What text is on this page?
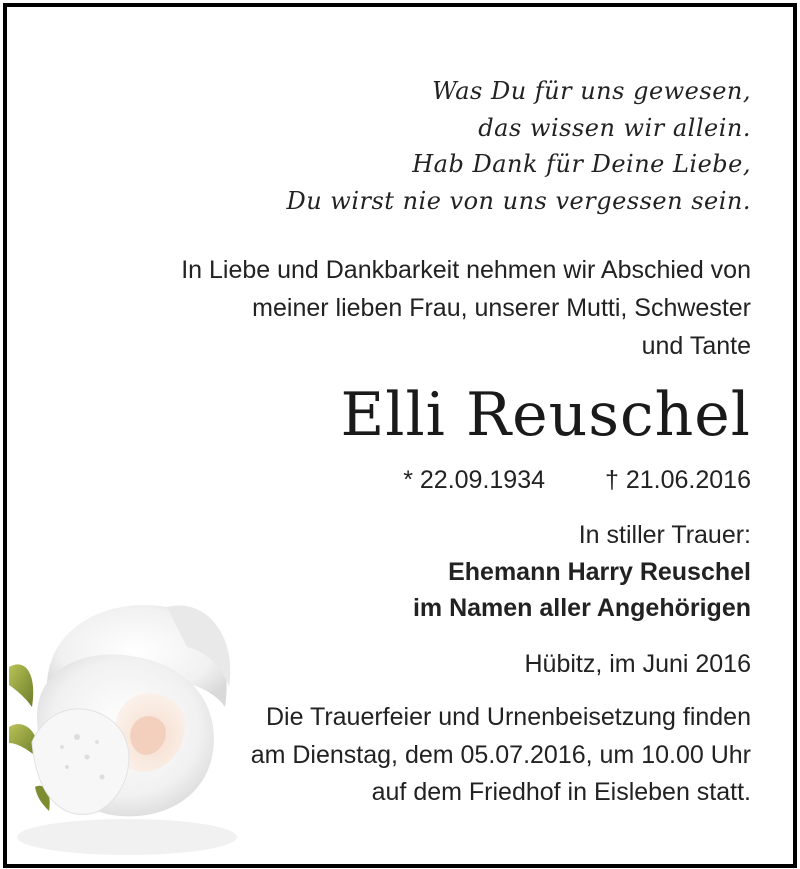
Was Du für uns gewesen,
das wissen wir allein.
Hab Dank für Deine Liebe,
Du wirst nie von uns vergessen sein.
In Liebe und Dankbarkeit nehmen wir Abschied von
meiner lieben Frau, unserer Mutti, Schwester
und Tante
Elli Reuschel
* 22.09.1934 † 21.06.2016
In stiller Trauer:
Ehemann Harry Reuschel
im Namen aller Angehörigen
Hübitz, im Juni 2016
Die Trauerfeier und Urnenbeisetzung finden
am Dienstag, dem 05.07.2016, um 10.00 Uhr
auf dem Friedhof in Eisleben statt.
